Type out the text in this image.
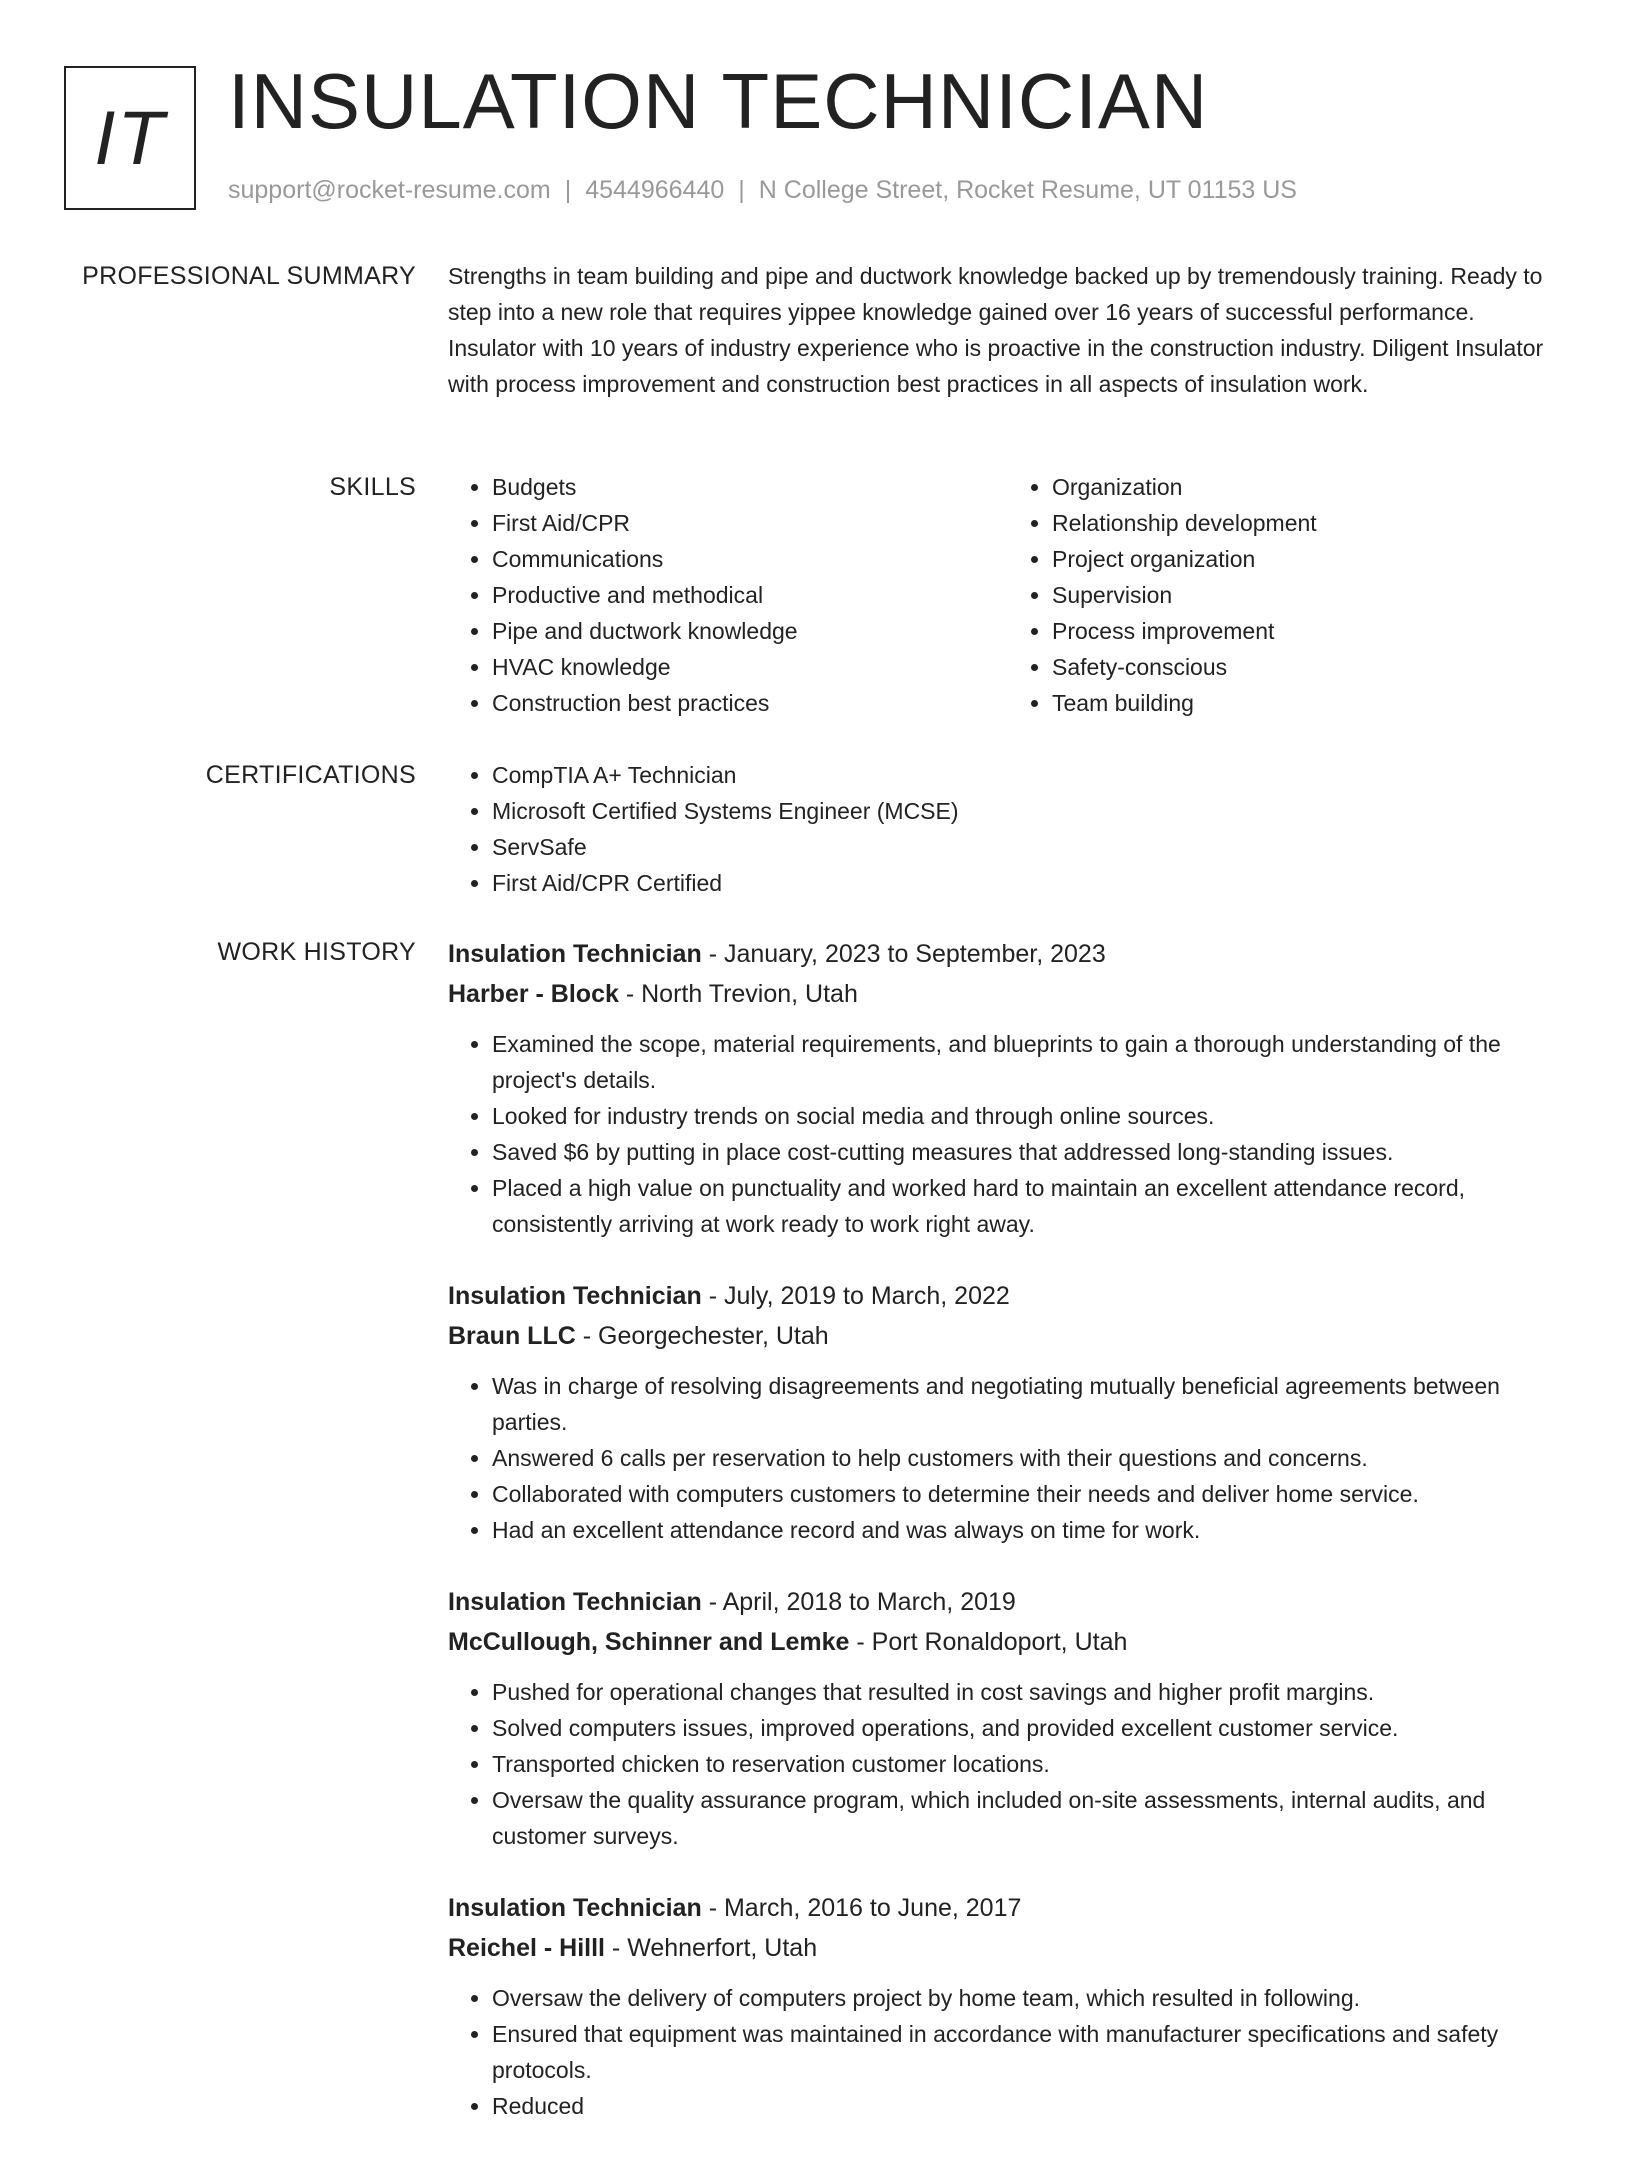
IT INSULATION TECHNICIAN
support@rocket-resume.com | 4544966440 | N College Street, Rocket Resume, UT 01153 US
PROFESSIONAL SUMMARY Strengths in team building and pipe and ductwork knowledge backed up by tremendously training. Ready to step into a new role that requires yippee knowledge gained over 16 years of successful performance. Insulator with 10 years of industry experience who is proactive in the construction industry. Diligent Insulator with process improvement and construction best practices in all aspects of insulation work.

SKILLS	• Budgets
• First Aid/CPR
• Communications
• Productive and methodical
• Pipe and ductwork knowledge
• HVAC knowledge
• Construction best practices
• Organization
• Relationship development
• Project organization
• Supervision
• Process improvement
• Safety-conscious
• Team building
CERTIFICATIONS	• CompTIA A+ Technician
• Microsoft Certified Systems Engineer (MCSE)
• ServSafe
• First Aid/CPR Certified
WORK HISTORY Insulation Technician - January, 2023 to September, 2023
Harber - Block - North Trevion, Utah
• Examined the scope, material requirements, and blueprints to gain a thorough understanding of the project's details.
• Looked for industry trends on social media and through online sources.
• Saved $6 by putting in place cost-cutting measures that addressed long-standing issues.
• Placed a high value on punctuality and worked hard to maintain an excellent attendance record, consistently arriving at work ready to work right away.
Insulation Technician - July, 2019 to March, 2022
Braun LLC - Georgechester, Utah
• Was in charge of resolving disagreements and negotiating mutually beneficial agreements between parties.
• Answered 6 calls per reservation to help customers with their questions and concerns.
• Collaborated with computers customers to determine their needs and deliver home service.
• Had an excellent attendance record and was always on time for work.
Insulation Technician - April, 2018 to March, 2019
McCullough, Schinner and Lemke - Port Ronaldoport, Utah
• Pushed for operational changes that resulted in cost savings and higher profit margins.
• Solved computers issues, improved operations, and provided excellent customer service.
• Transported chicken to reservation customer locations.
• Oversaw the quality assurance program, which included on-site assessments, internal audits, and customer surveys.
Insulation Technician - March, 2016 to June, 2017
Reichel - Hilll - Wehnerfort, Utah
• Oversaw the delivery of computers project by home team, which resulted in following.
• Ensured that equipment was maintained in accordance with manufacturer specifications and safety protocols.
• Reduced
